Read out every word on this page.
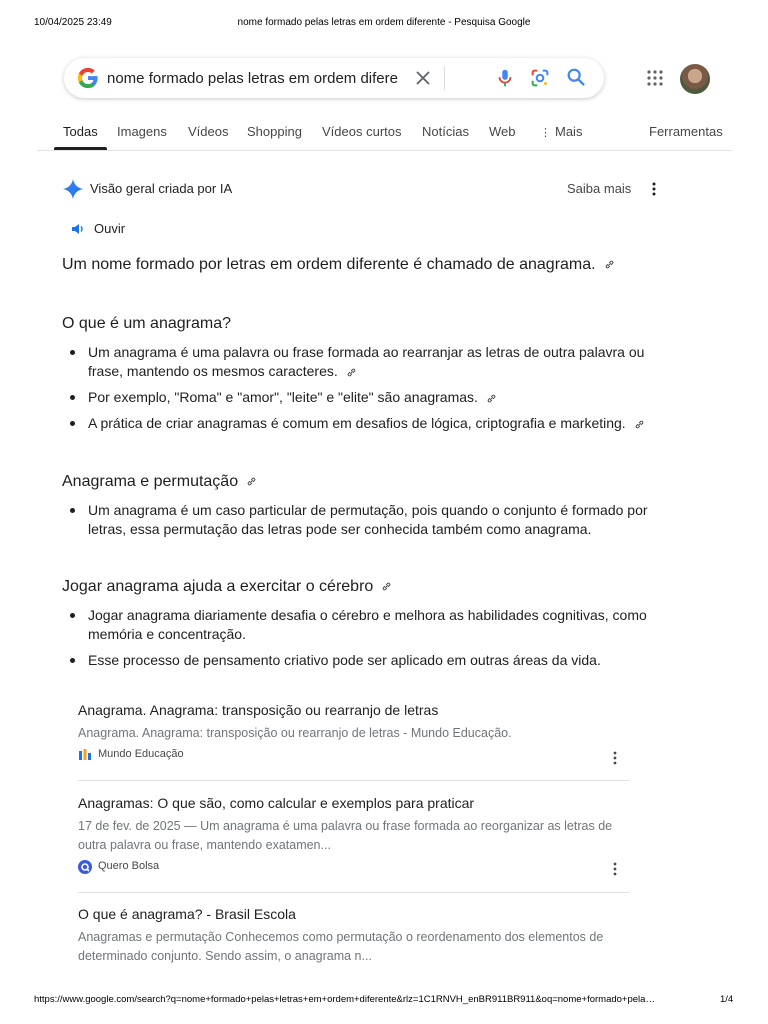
10/04/2025 23:49	nome formado pelas letras em ordem diferente - Pesquisa Google
nome formado pelas letras em ordem diferente
Todas Imagens Vídeos Shopping Vídeos curtos Notícias Web ⋮ Mais	Ferramentas
Visão geral criada por IA	Saiba mais
Ouvir
Um nome formado por letras em ordem diferente é chamado de anagrama.
O que é um anagrama?
Um anagrama é uma palavra ou frase formada ao rearranjar as letras de outra palavra ou frase, mantendo os mesmos caracteres.
Por exemplo, "Roma" e "amor", "leite" e "elite" são anagramas.
A prática de criar anagramas é comum em desafios de lógica, criptografia e marketing.
Anagrama e permutação
Um anagrama é um caso particular de permutação, pois quando o conjunto é formado por letras, essa permutação das letras pode ser conhecida também como anagrama.
Jogar anagrama ajuda a exercitar o cérebro
Jogar anagrama diariamente desafia o cérebro e melhora as habilidades cognitivas, como memória e concentração.
Esse processo de pensamento criativo pode ser aplicado em outras áreas da vida.
Anagrama. Anagrama: transposição ou rearranjo de letras
Anagrama. Anagrama: transposição ou rearranjo de letras - Mundo Educação.
Mundo Educação
Anagramas: O que são, como calcular e exemplos para praticar
17 de fev. de 2025 — Um anagrama é uma palavra ou frase formada ao reorganizar as letras de outra palavra ou frase, mantendo exatamen...
Quero Bolsa
O que é anagrama? - Brasil Escola
Anagramas e permutação Conhecemos como permutação o reordenamento dos elementos de determinado conjunto. Sendo assim, o anagrama n...
https://www.google.com/search?q=nome+formado+pelas+letras+em+ordem+diferente&rlz=1C1RNVH_enBR911BR911&oq=nome+formado+pela…	1/4
